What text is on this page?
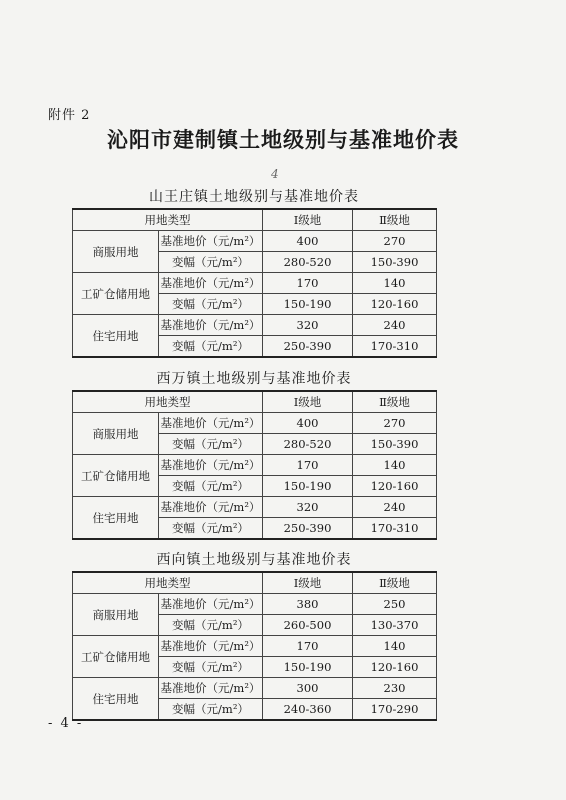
附件 2
沁阳市建制镇土地级别与基准地价表
4
山王庄镇土地级别与基准地价表
用地类型		Ⅰ级地	Ⅱ级地
商服用地	基准地价（元/m²）	400	270
	变幅（元/m²）	280-520	150-390
工矿仓储用地	基准地价（元/m²）	170	140
	变幅（元/m²）	150-190	120-160
住宅用地	基准地价（元/m²）	320	240
	变幅（元/m²）	250-390	170-310
西万镇土地级别与基准地价表
用地类型		Ⅰ级地	Ⅱ级地
商服用地	基准地价（元/m²）	400	270
	变幅（元/m²）	280-520	150-390
工矿仓储用地	基准地价（元/m²）	170	140
	变幅（元/m²）	150-190	120-160
住宅用地	基准地价（元/m²）	320	240
	变幅（元/m²）	250-390	170-310
西向镇土地级别与基准地价表
用地类型		Ⅰ级地	Ⅱ级地
商服用地	基准地价（元/m²）	380	250
	变幅（元/m²）	260-500	130-370
工矿仓储用地	基准地价（元/m²）	170	140
	变幅（元/m²）	150-190	120-160
住宅用地	基准地价（元/m²）	300	230
	变幅（元/m²）	240-360	170-290
- 4 -
